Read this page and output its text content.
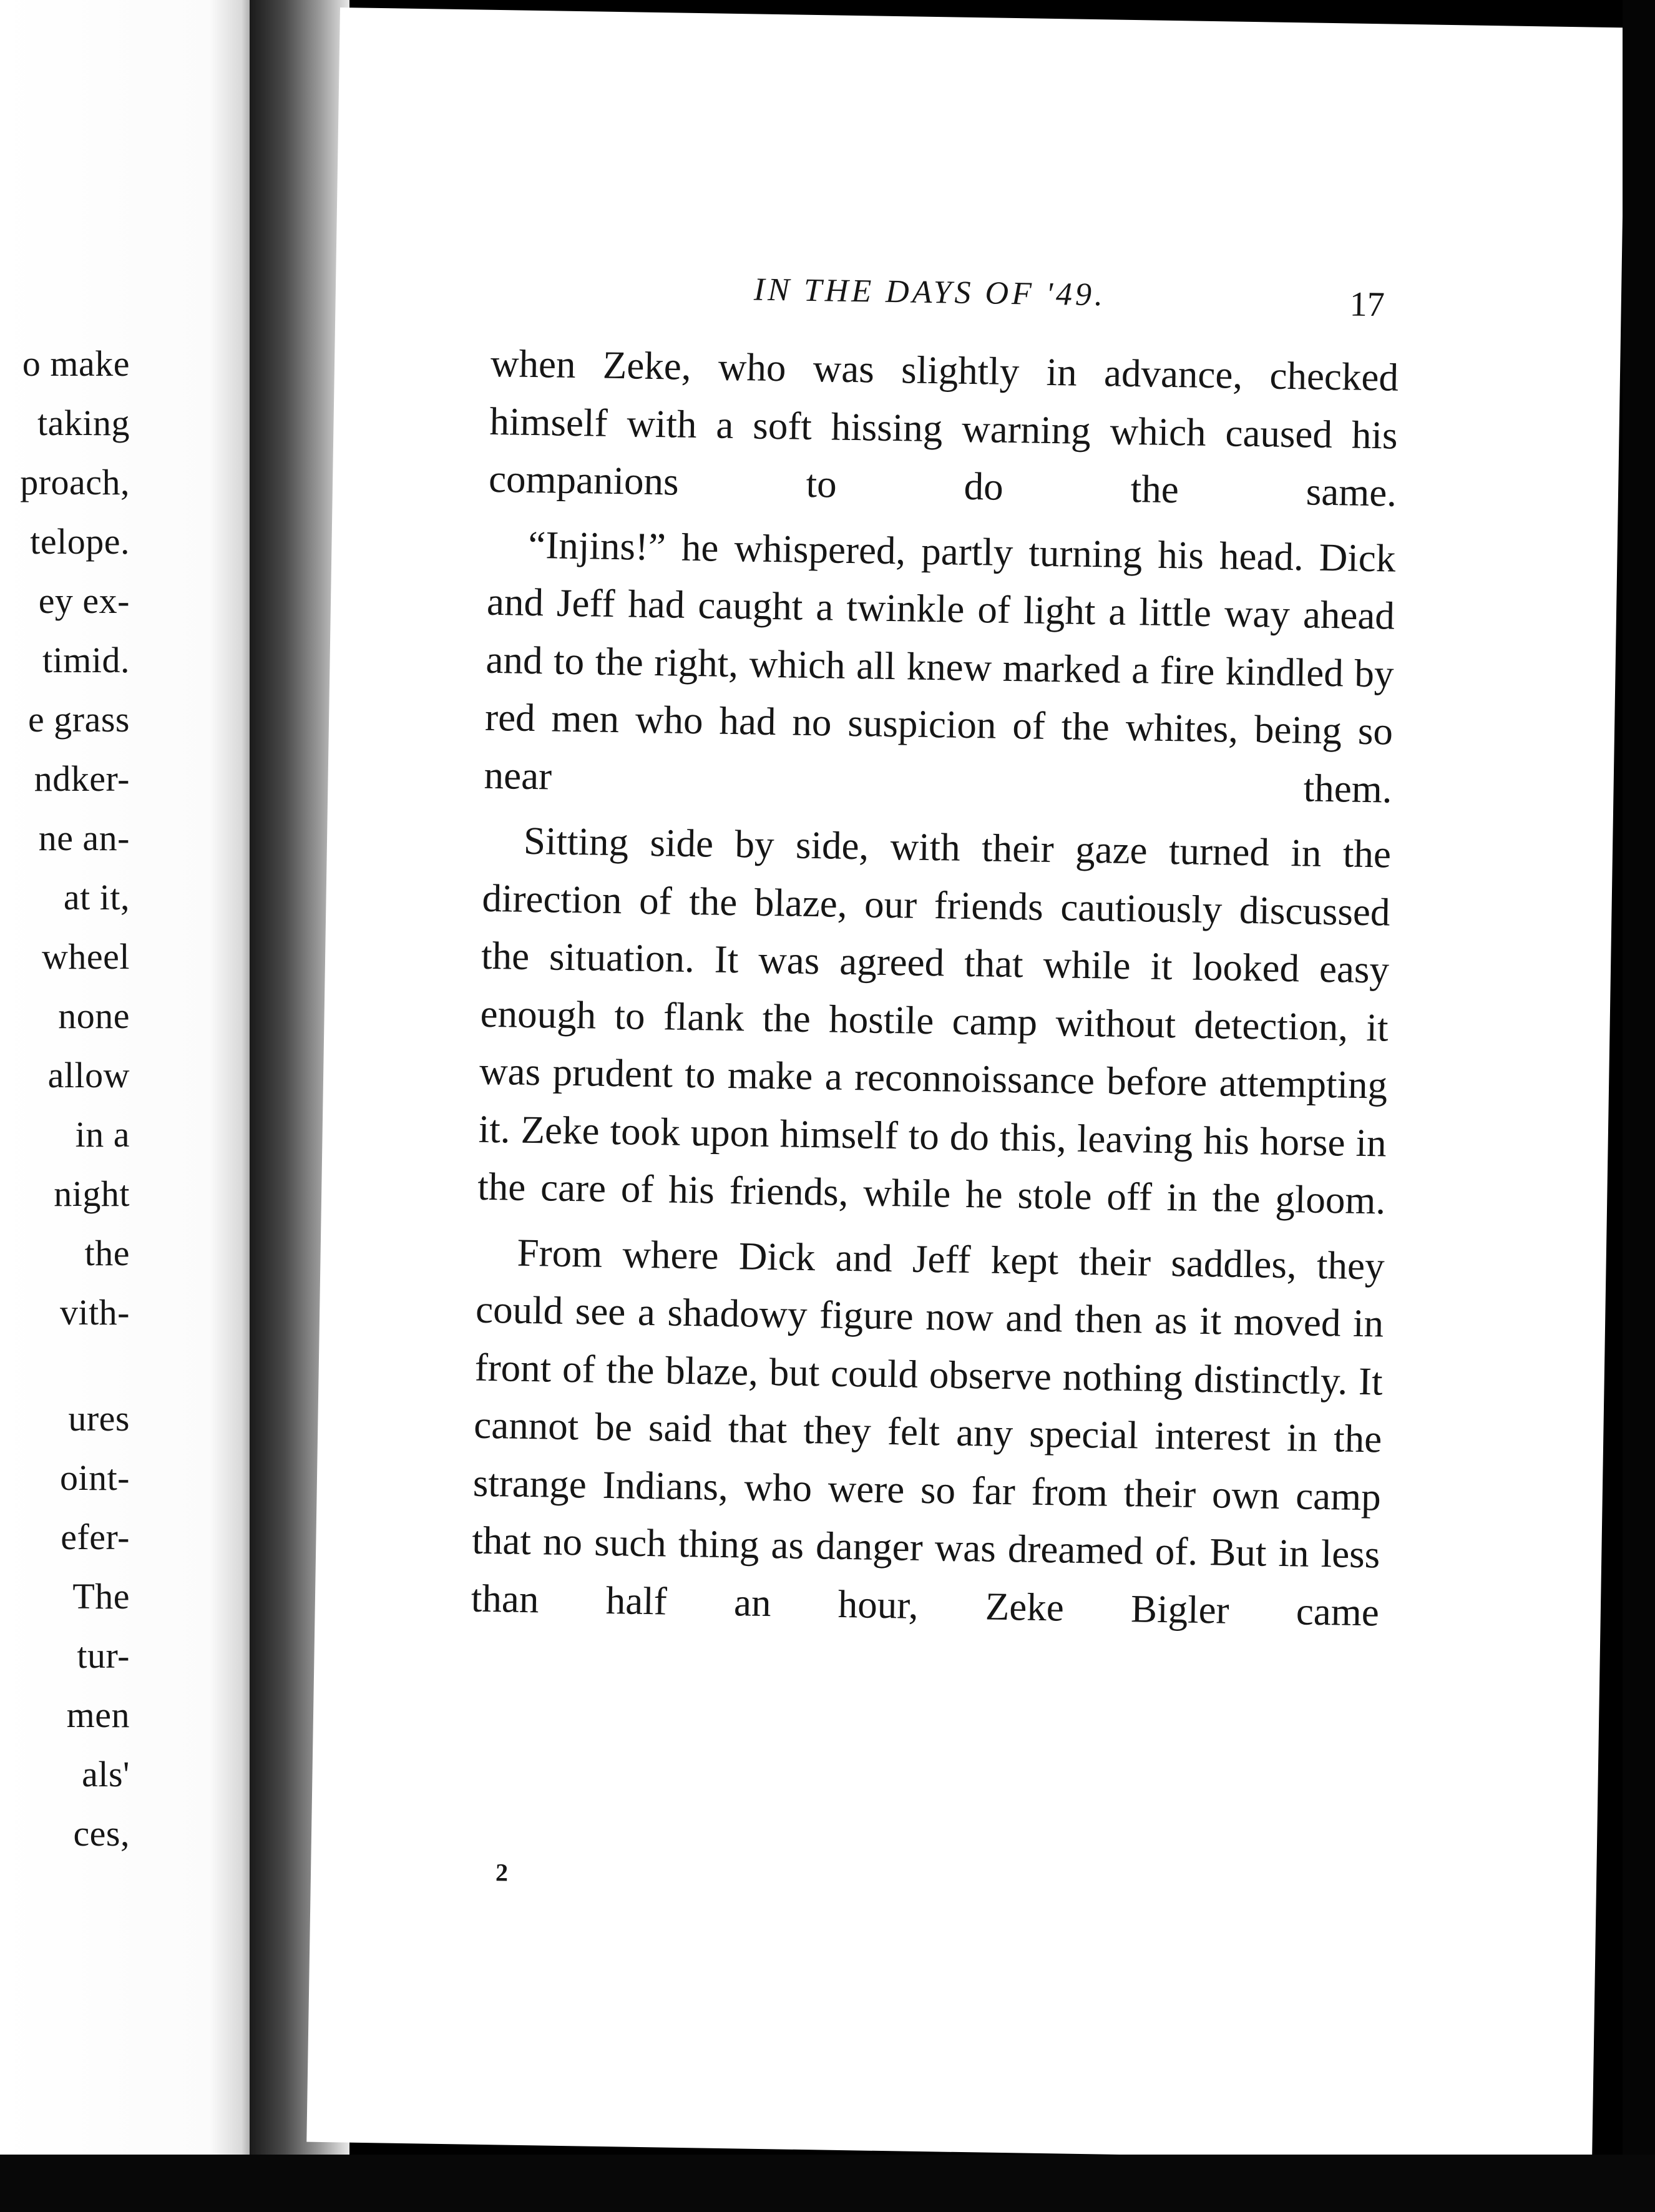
o make
taking
proach,
telope.
ey ex-
timid.
e grass
ndker-
ne an-
at it,
wheel
none
allow
in a
night
the
vith-
ures
oint-
efer-
The
tur-
men
als'
ces,
IN THE DAYS OF '49.	17

when Zeke, who was slightly in advance, checked himself with a soft hissing warning which caused his companions to do the same.

“Injins!” he whispered, partly turning his head. Dick and Jeff had caught a twinkle of light a little way ahead and to the right, which all knew marked a fire kindled by red men who had no suspicion of the whites, being so near them.

Sitting side by side, with their gaze turned in the direction of the blaze, our friends cautiously discussed the situation. It was agreed that while it looked easy enough to flank the hostile camp without detection, it was prudent to make a reconnoissance before attempting it. Zeke took upon himself to do this, leaving his horse in the care of his friends, while he stole off in the gloom.

From where Dick and Jeff kept their saddles, they could see a shadowy figure now and then as it moved in front of the blaze, but could observe nothing distinctly. It cannot be said that they felt any special interest in the strange Indians, who were so far from their own camp that no such thing as danger was dreamed of. But in less than half an hour, Zeke Bigler came

2
